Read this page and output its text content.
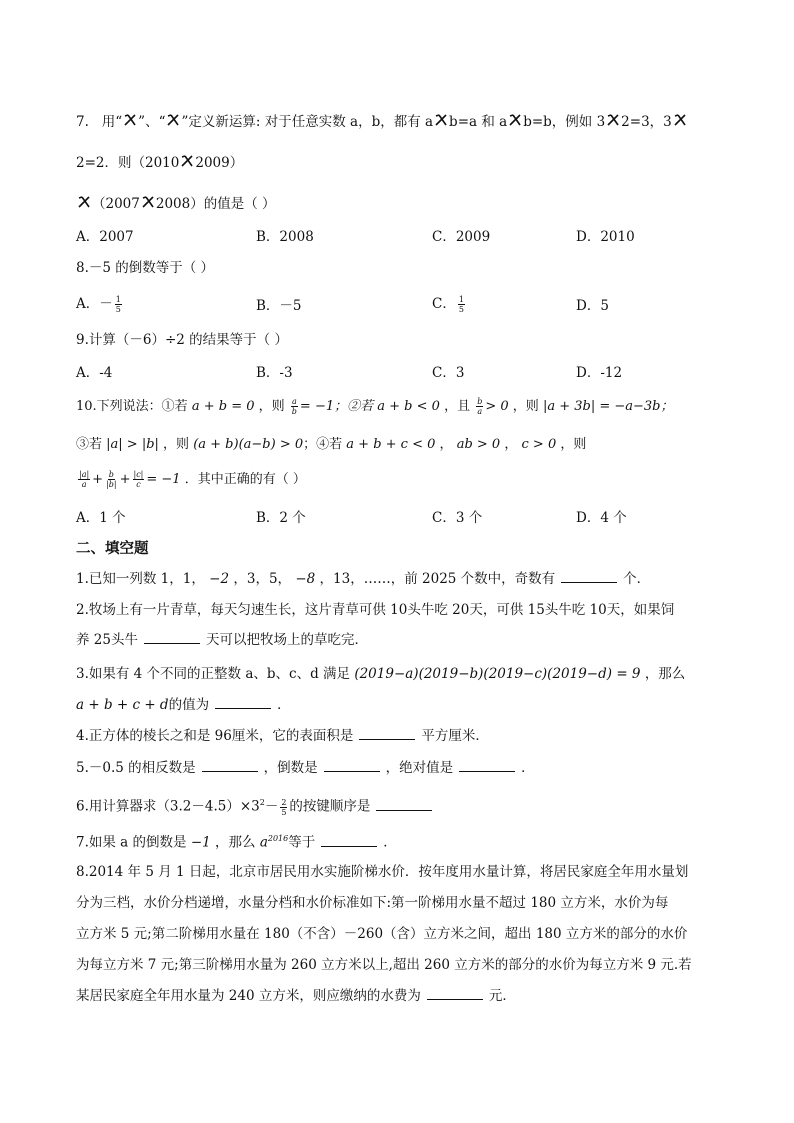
7. 用“ ”、“ ”定义新运算: 对于任意实数 a，b，都有 a b=a 和 a b=b，例如 3 2=3，3
2=2．则（2010 2009）
（2007 2008）的值是（ ）
A．2007	B．2008	C．2009	D．2010
8.－5 的倒数等于（ ）
A．－ $\frac{1}{5}$	B．－5	C． $\frac{1}{5}$	D．5
9.计算（－6）÷2 的结果等于（ ）
A．-4	B．-3	C．3	D．-12
10.下列说法：①若 a + b = 0 ，则 $\frac{a}{b} = -1$；②若 a + b < 0 ，且 $\frac{b}{a} > 0$ ，则 |a + 3b| = −a−3b；
③若 |a| > |b| ，则 (a + b)(a−b) > 0；④若 a + b + c < 0 ， ab > 0 ， c > 0 ，则
$\frac{|a|}{a} + \frac{b}{|b|} + \frac{|c|}{c} = -1$ ．其中正确的有（ ）
A．1 个	B．2 个	C．3 个	D．4 个
二、填空题
1.已知一列数 1，1， −2 ，3，5， −8 ，13，……，前 2025 个数中，奇数有	个．
2.牧场上有一片青草，每天匀速生长，这片青草可供 10头牛吃 20天，可供 15头牛吃 10天，如果饲
养 25头牛	天可以把牧场上的草吃完．
3.如果有 4 个不同的正整数 a、b、c、d 满足 (2019−a)(2019−b)(2019−c)(2019−d) = 9 ，那么
a + b + c + d的值为	．
4.正方体的棱长之和是 96厘米，它的表面积是	平方厘米．
5.－0.5 的相反数是	，倒数是	，绝对值是	．
6.用计算器求$(3.2-4.5)\times 3^2- \frac{2}{5}$ 的按键顺序是
7.如果 a 的倒数是 −1 ，那么 $a^{2016}$等于	．
8.2014 年 5 月 1 日起，北京市居民用水实施阶梯水价．按年度用水量计算，将居民家庭全年用水量划
分为三档，水价分档递增，水量分档和水价标准如下:第一阶梯用水量不超过 180 立方米，水价为每
立方米 5 元;第二阶梯用水量在 180（不含）－260（含）立方米之间，超出 180 立方米的部分的水价
为每立方米 7 元;第三阶梯用水量为 260 立方米以上,超出 260 立方米的部分的水价为每立方米 9 元.若
某居民家庭全年用水量为 240 立方米，则应缴纳的水费为	元．
